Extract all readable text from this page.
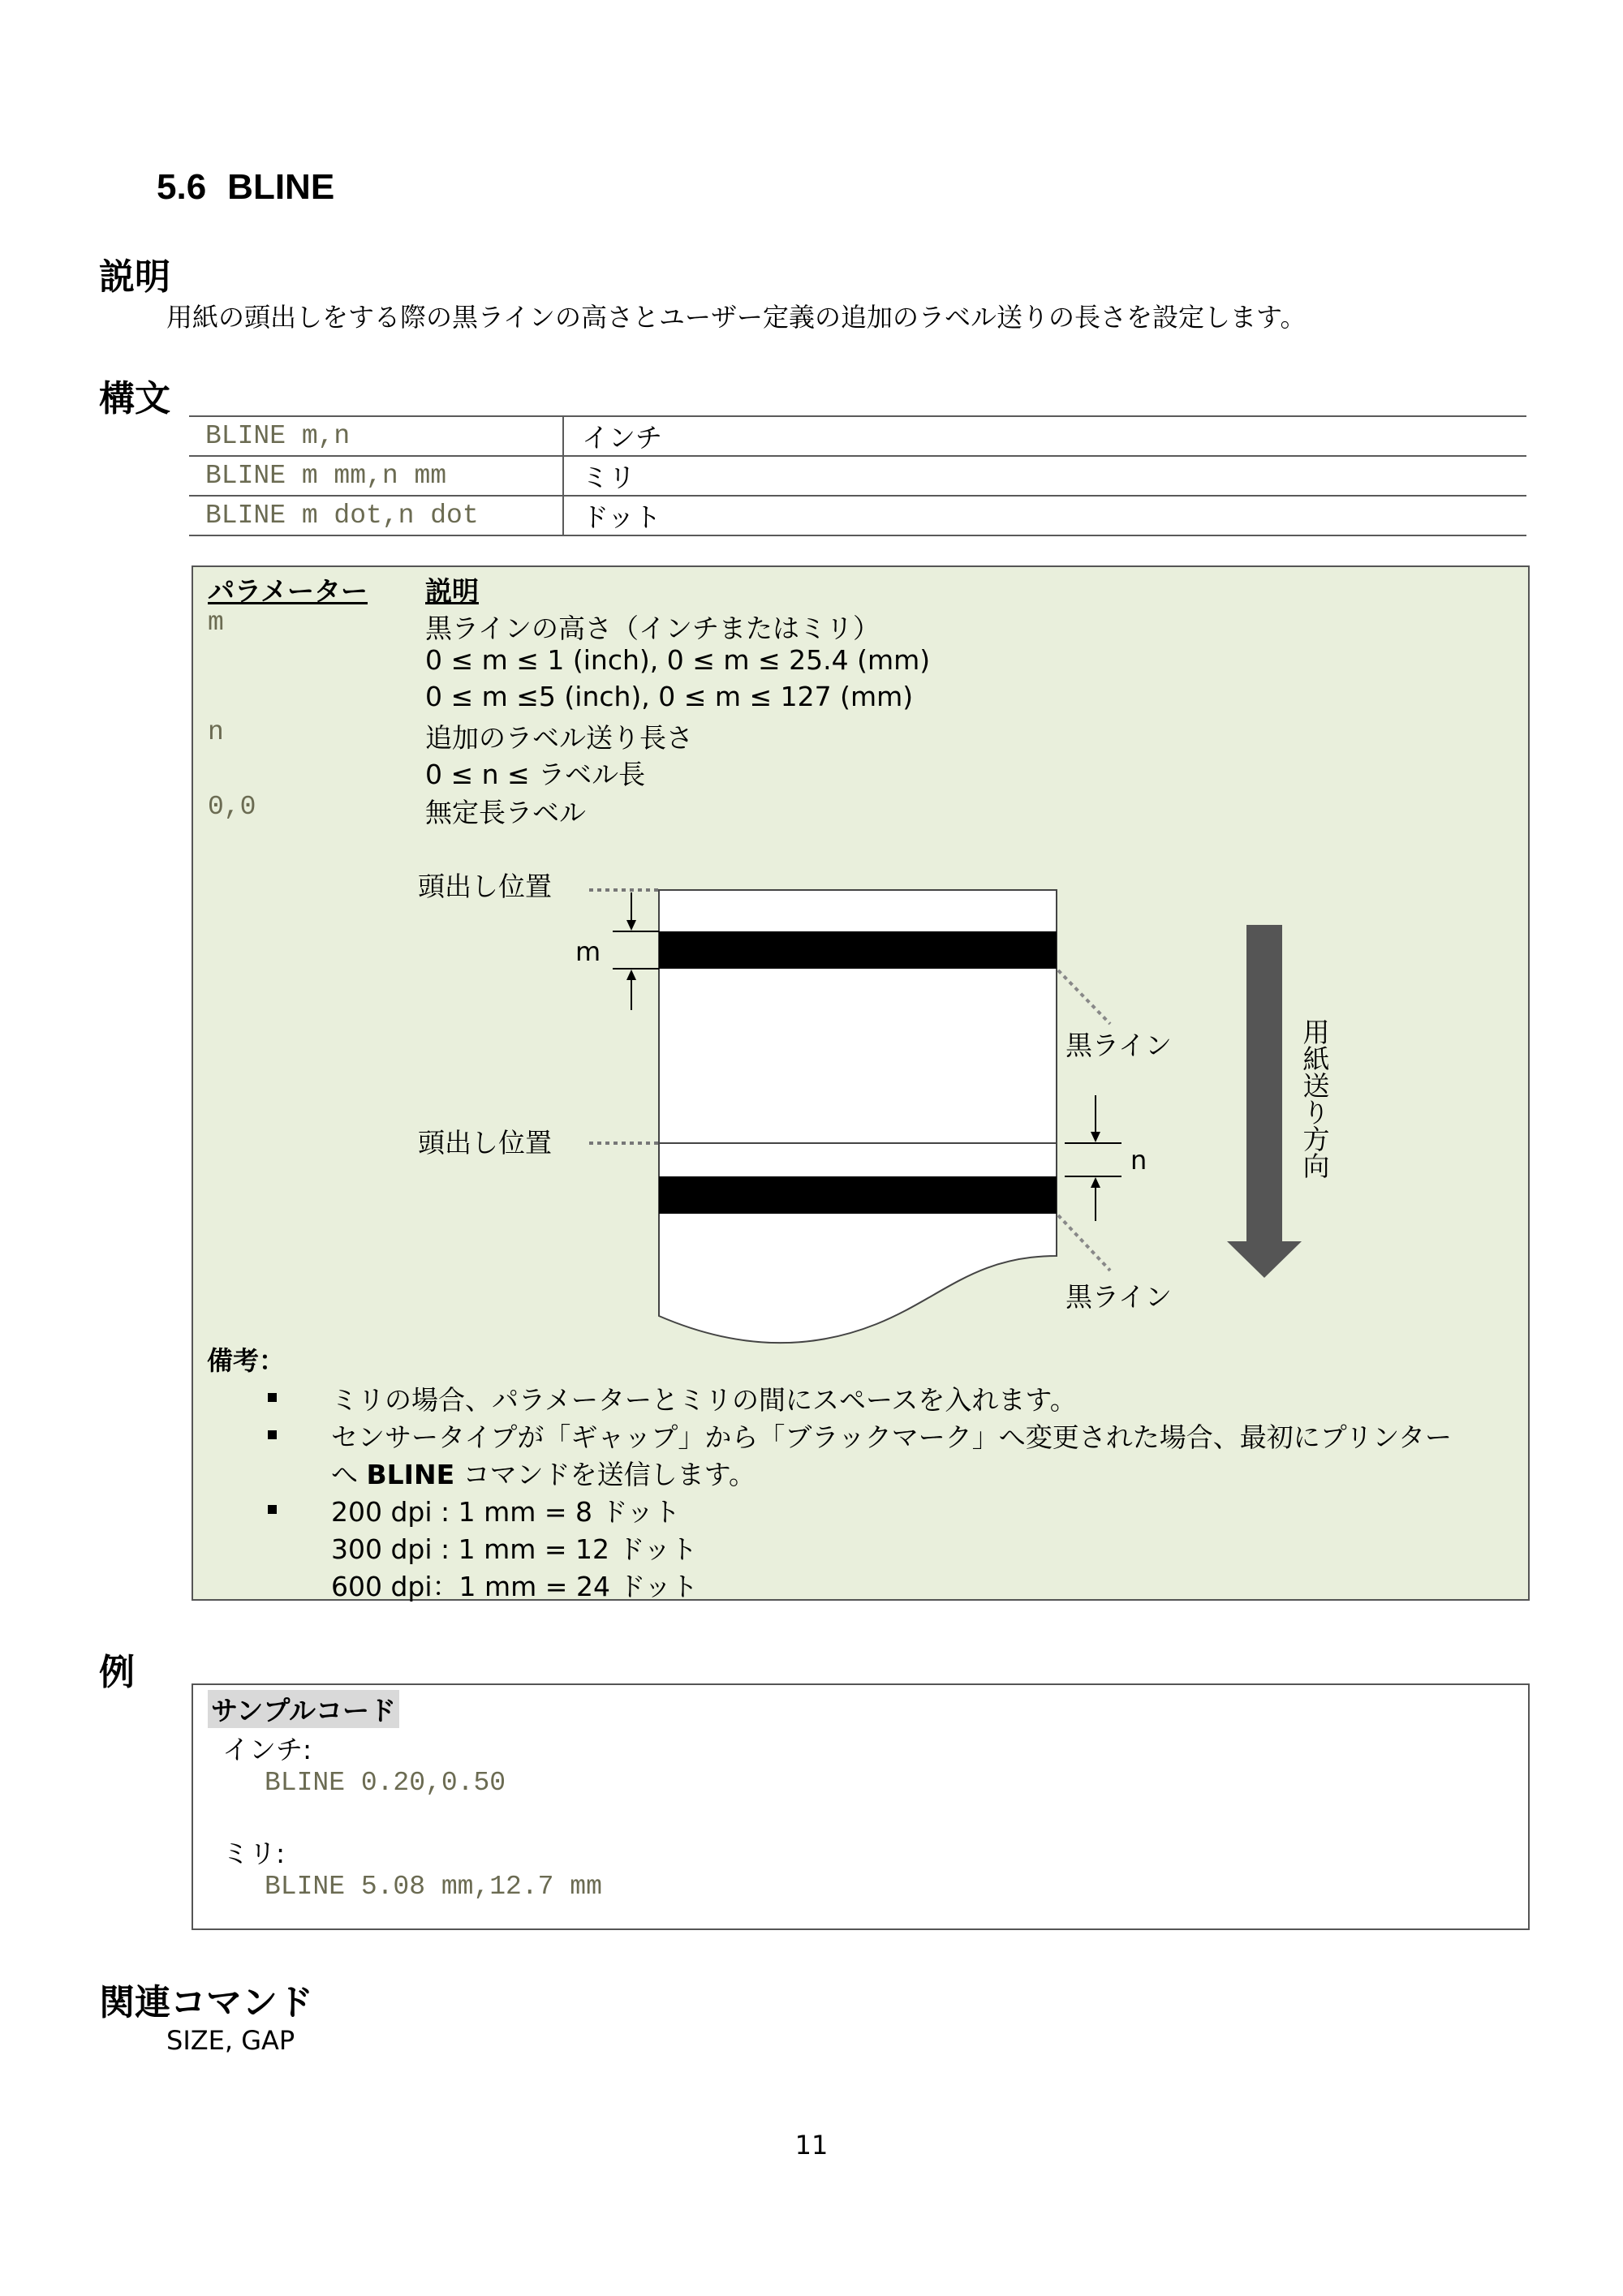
5.6 BLINE
説明
用紙の頭出しをする際の黒ラインの高さとユーザー定義の追加のラベル送りの長さを設定します。
構文
BLINE m,n	インチ
BLINE m mm,n mm	ミリ
BLINE m dot,n dot	ドット
パラメーター 説明
m	黒ラインの高さ（インチまたはミリ）
0 ≤ m ≤ 1 (inch), 0 ≤ m ≤ 25.4 (mm)
0 ≤ m ≤5 (inch), 0 ≤ m ≤ 127 (mm)
n	追加のラベル送り長さ
0 ≤ n ≤ ラベル長
0,0	無定長ラベル
頭出し位置
頭出し位置
m
n
黒ライン
黒ライン
用紙送り方向
備考：
ミリの場合、パラメーターとミリの間にスペースを入れます。
センサータイプが「ギャップ」から「ブラックマーク」へ変更された場合、最初にプリンター
へ BLINE コマンドを送信します。
200 dpi : 1 mm = 8 ドット
300 dpi : 1 mm = 12 ドット
600 dpi：1 mm = 24 ドット
例
サンプルコード
インチ:
BLINE 0.20,0.50
ミリ:
BLINE 5.08 mm,12.7 mm
関連コマンド
SIZE, GAP
11
